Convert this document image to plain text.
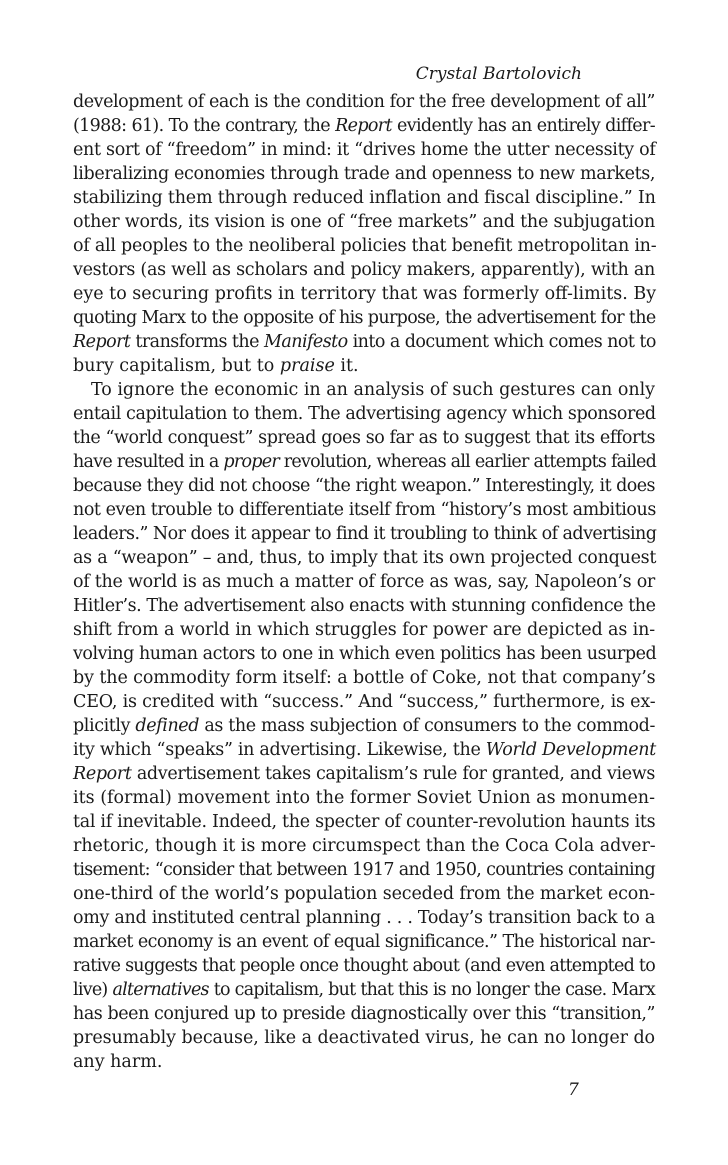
Crystal Bartolovich
development of each is the condition for the free development of all”
(1988: 61). To the contrary, the Report evidently has an entirely differ-
ent sort of “freedom” in mind: it “drives home the utter necessity of
liberalizing economies through trade and openness to new markets,
stabilizing them through reduced inflation and fiscal discipline.” In
other words, its vision is one of “free markets” and the subjugation
of all peoples to the neoliberal policies that benefit metropolitan in-
vestors (as well as scholars and policy makers, apparently), with an
eye to securing profits in territory that was formerly off-limits. By
quoting Marx to the opposite of his purpose, the advertisement for the
Report transforms the Manifesto into a document which comes not to
bury capitalism, but to praise it.
To ignore the economic in an analysis of such gestures can only
entail capitulation to them. The advertising agency which sponsored
the “world conquest” spread goes so far as to suggest that its efforts
have resulted in a proper revolution, whereas all earlier attempts failed
because they did not choose “the right weapon.” Interestingly, it does
not even trouble to differentiate itself from “history’s most ambitious
leaders.” Nor does it appear to find it troubling to think of advertising
as a “weapon” – and, thus, to imply that its own projected conquest
of the world is as much a matter of force as was, say, Napoleon’s or
Hitler’s. The advertisement also enacts with stunning confidence the
shift from a world in which struggles for power are depicted as in-
volving human actors to one in which even politics has been usurped
by the commodity form itself: a bottle of Coke, not that company’s
CEO, is credited with “success.” And “success,” furthermore, is ex-
plicitly defined as the mass subjection of consumers to the commod-
ity which “speaks” in advertising. Likewise, the World Development
Report advertisement takes capitalism’s rule for granted, and views
its (formal) movement into the former Soviet Union as monumen-
tal if inevitable. Indeed, the specter of counter-revolution haunts its
rhetoric, though it is more circumspect than the Coca Cola adver-
tisement: “consider that between 1917 and 1950, countries containing
one-third of the world’s population seceded from the market econ-
omy and instituted central planning . . . Today’s transition back to a
market economy is an event of equal significance.” The historical nar-
rative suggests that people once thought about (and even attempted to
live) alternatives to capitalism, but that this is no longer the case. Marx
has been conjured up to preside diagnostically over this “transition,”
presumably because, like a deactivated virus, he can no longer do
any harm.
7
